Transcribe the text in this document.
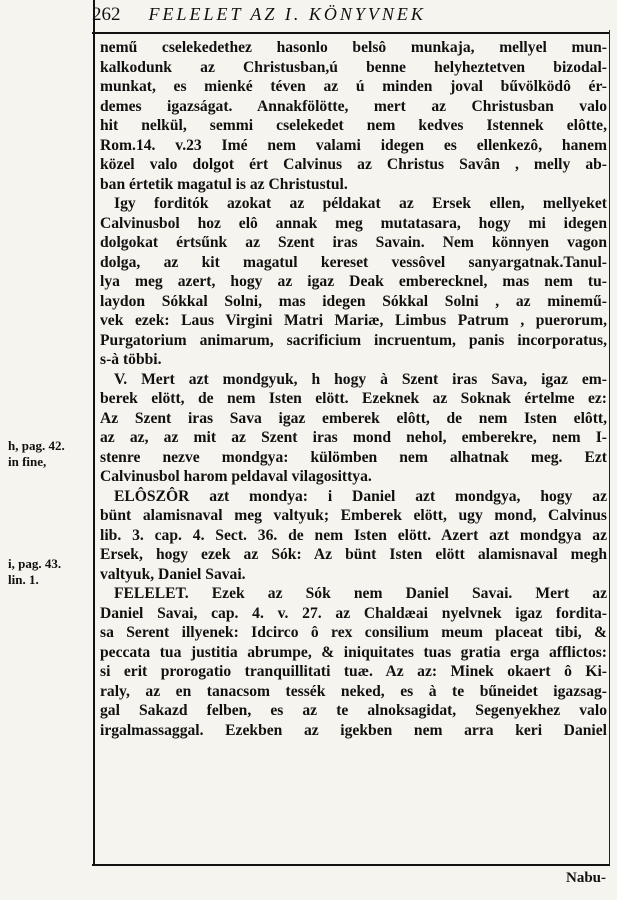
262 FELELET AZ I. KÖNYVNEK
nemű cselekedethez hasonlo belsô munkaja, mellyel mun-
kalkodunk az Christusban,ú benne helyheztetven bizodal-
munkat, es mienké téven az ú minden joval bűvölködô ér-
demes igazságat. Annakfölötte, mert az Christusban valo
hit nelkül, semmi cselekedet nem kedves Istennek elôtte,
Rom.14. v.23 Imé nem valami idegen es ellenkezô, hanem
közel valo dolgot ért Calvinus az Christus Savân , melly ab-
ban értetik magatul is az Christustul.
Igy forditók azokat az példakat az Ersek ellen, mellyeket
Calvinusbol hoz elô annak meg mutatasara, hogy mi idegen
dolgokat értsűnk az Szent iras Savain. Nem könnyen vagon
dolga, az kit magatul kereset vessôvel sanyargatnak.Tanul-
lya meg azert, hogy az igaz Deak emberecknel, mas nem tu-
laydon Sókkal Solni, mas idegen Sókkal Solni , az minemű-
vek ezek: Laus Virgini Matri Mariæ, Limbus Patrum , puerorum,
Purgatorium animarum, sacrificium incruentum, panis incorporatus,
s-à többi.
V. Mert azt mondgyuk, h hogy à Szent iras Sava, igaz em-
berek elött, de nem Isten elött. Ezeknek az Soknak értelme ez:
Az Szent iras Sava igaz emberek elôtt, de nem Isten elôtt,
az az, az mit az Szent iras mond nehol, emberekre, nem I-
stenre nezve mondgya: külömben nem alhatnak meg. Ezt
Calvinusbol harom peldaval vilagosittya.
ELÔSZÔR azt mondya: i Daniel azt mondgya, hogy az
bünt alamisnaval meg valtyuk; Emberek elött, ugy mond, Calvinus
lib. 3. cap. 4. Sect. 36. de nem Isten elött. Azert azt mondgya az
Ersek, hogy ezek az Sók: Az bünt Isten elött alamisnaval megh
valtyuk, Daniel Savai.
FELELET. Ezek az Sók nem Daniel Savai. Mert az
Daniel Savai, cap. 4. v. 27. az Chaldæai nyelvnek igaz fordita-
sa Serent illyenek: Idcirco ô rex consilium meum placeat tibi, &
peccata tua justitia abrumpe, & iniquitates tuas gratia erga afflictos:
si erit prorogatio tranquillitati tuæ. Az az: Minek okaert ô Ki-
raly, az en tanacsom tessék neked, es à te bűneidet igazsag-
gal Sakazd felben, es az te alnoksagidat, Segenyekhez valo
irgalmassaggal. Ezekben az igekben nem arra keri Daniel
h, pag. 42.
in fine,
i, pag. 43.
lin. 1.
Nabu-
